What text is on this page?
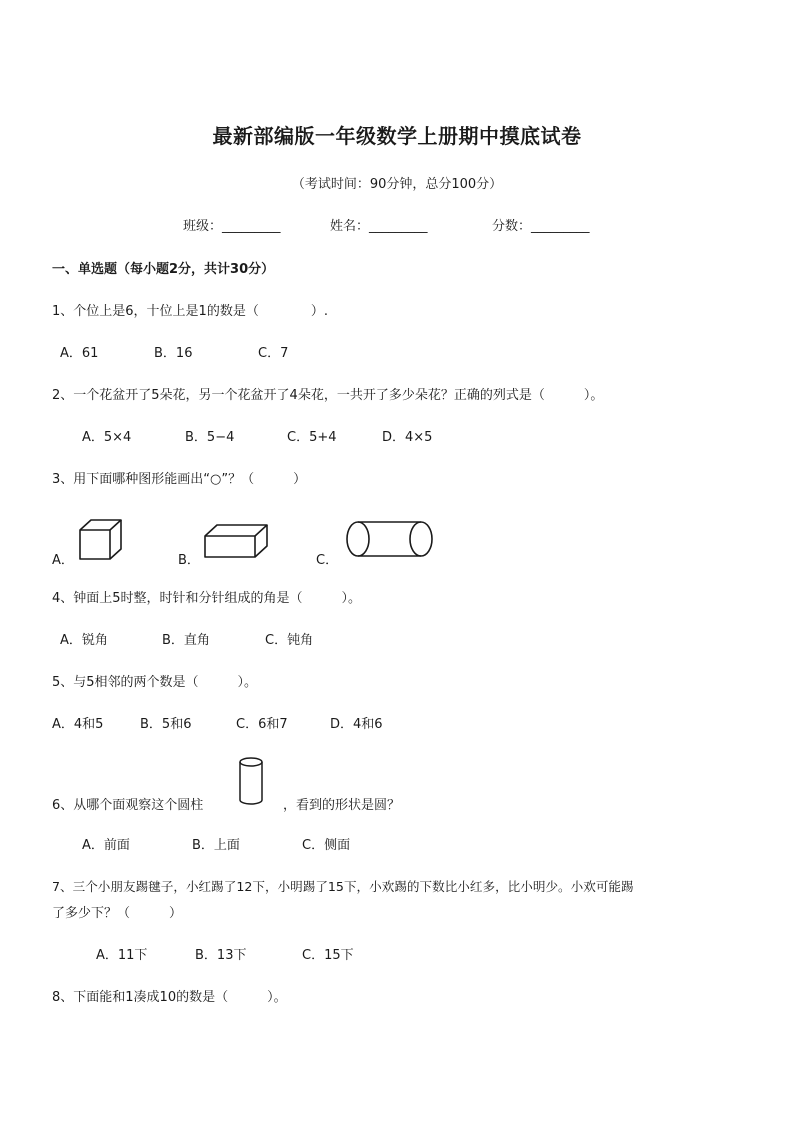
最新部编版一年级数学上册期中摸底试卷
（考试时间：90分钟，总分100分）
班级：_________	姓名：_________	分数：_________
一、单选题（每小题2分，共计30分）
1、个位上是6，十位上是1的数是（　　　　）.
A．61	B．16	C．7
2、一个花盆开了5朵花，另一个花盆开了4朵花，一共开了多少朵花？正确的列式是（　　　）。
A．5×4	B．5−4	C．5+4	D．4×5
3、用下面哪种图形能画出“○”？（　　　）
A．	B．	C．
4、钟面上5时整，时针和分针组成的角是（　　　）。
A．锐角	B．直角	C．钝角
5、与5相邻的两个数是（　　　）。
A．4和5	B．5和6	C．6和7	D．4和6
6、从哪个面观察这个圆柱	，看到的形状是圆？
A．前面	B．上面	C．侧面
7、三个小朋友踢毽子，小红踢了12下，小明踢了15下，小欢踢的下数比小红多，比小明少。小欢可能踢
了多少下？（　　　）
A．11下	B．13下	C．15下
8、下面能和1凑成10的数是（　　　）。
